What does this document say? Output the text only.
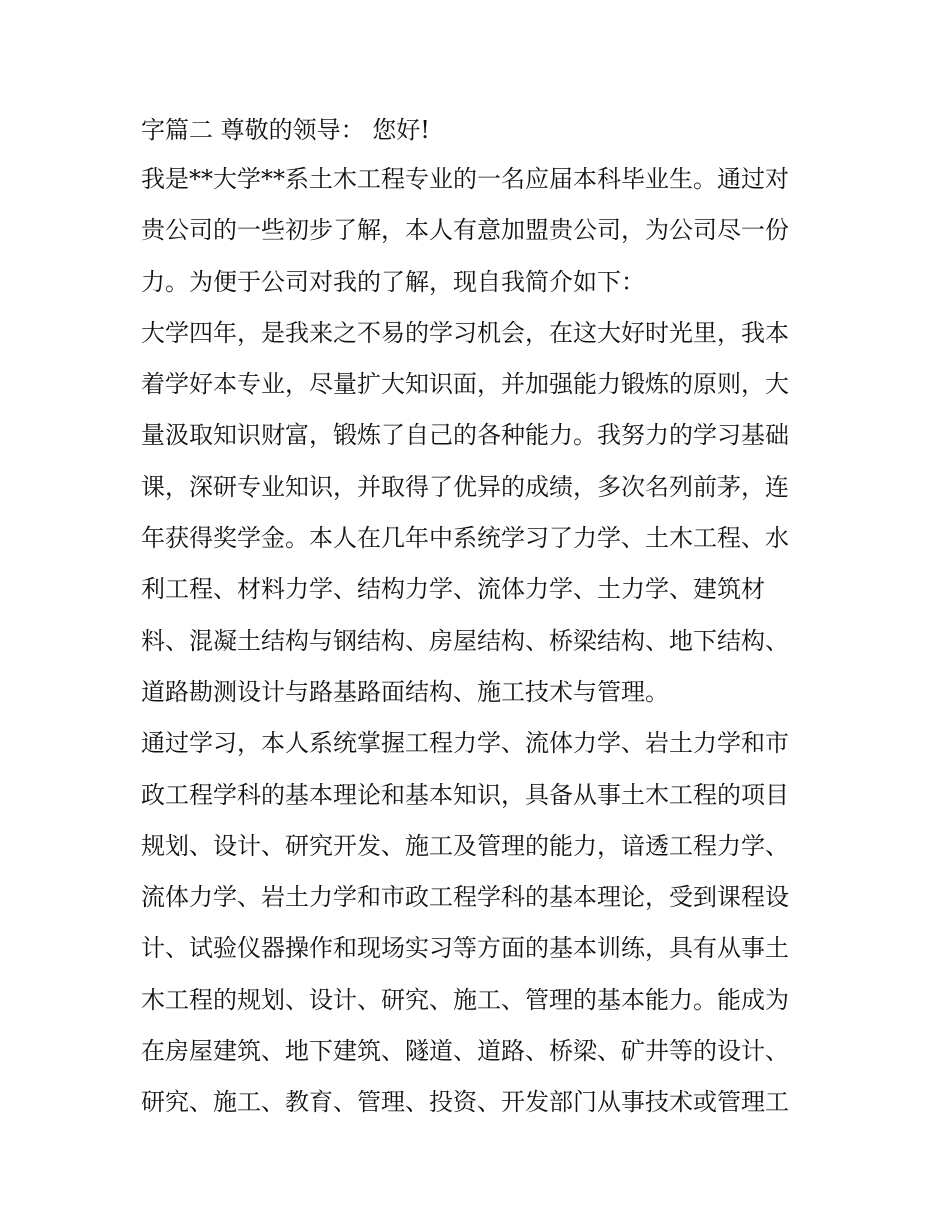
字篇二 尊敬的领导： 您好!
我是**大学**系土木工程专业的一名应届本科毕业生。通过对
贵公司的一些初步了解，本人有意加盟贵公司，为公司尽一份
力。为便于公司对我的了解，现自我简介如下：
大学四年，是我来之不易的学习机会，在这大好时光里，我本
着学好本专业，尽量扩大知识面，并加强能力锻炼的原则，大
量汲取知识财富，锻炼了自己的各种能力。我努力的学习基础
课，深研专业知识，并取得了优异的成绩，多次名列前茅，连
年获得奖学金。本人在几年中系统学习了力学、土木工程、水
利工程、材料力学、结构力学、流体力学、土力学、建筑材
料、混凝土结构与钢结构、房屋结构、桥梁结构、地下结构、
道路勘测设计与路基路面结构、施工技术与管理。
通过学习，本人系统掌握工程力学、流体力学、岩土力学和市
政工程学科的基本理论和基本知识，具备从事土木工程的项目
规划、设计、研究开发、施工及管理的能力，谙透工程力学、
流体力学、岩土力学和市政工程学科的基本理论，受到课程设
计、试验仪器操作和现场实习等方面的基本训练，具有从事土
木工程的规划、设计、研究、施工、管理的基本能力。能成为
在房屋建筑、地下建筑、隧道、道路、桥梁、矿井等的设计、
研究、施工、教育、管理、投资、开发部门从事技术或管理工
